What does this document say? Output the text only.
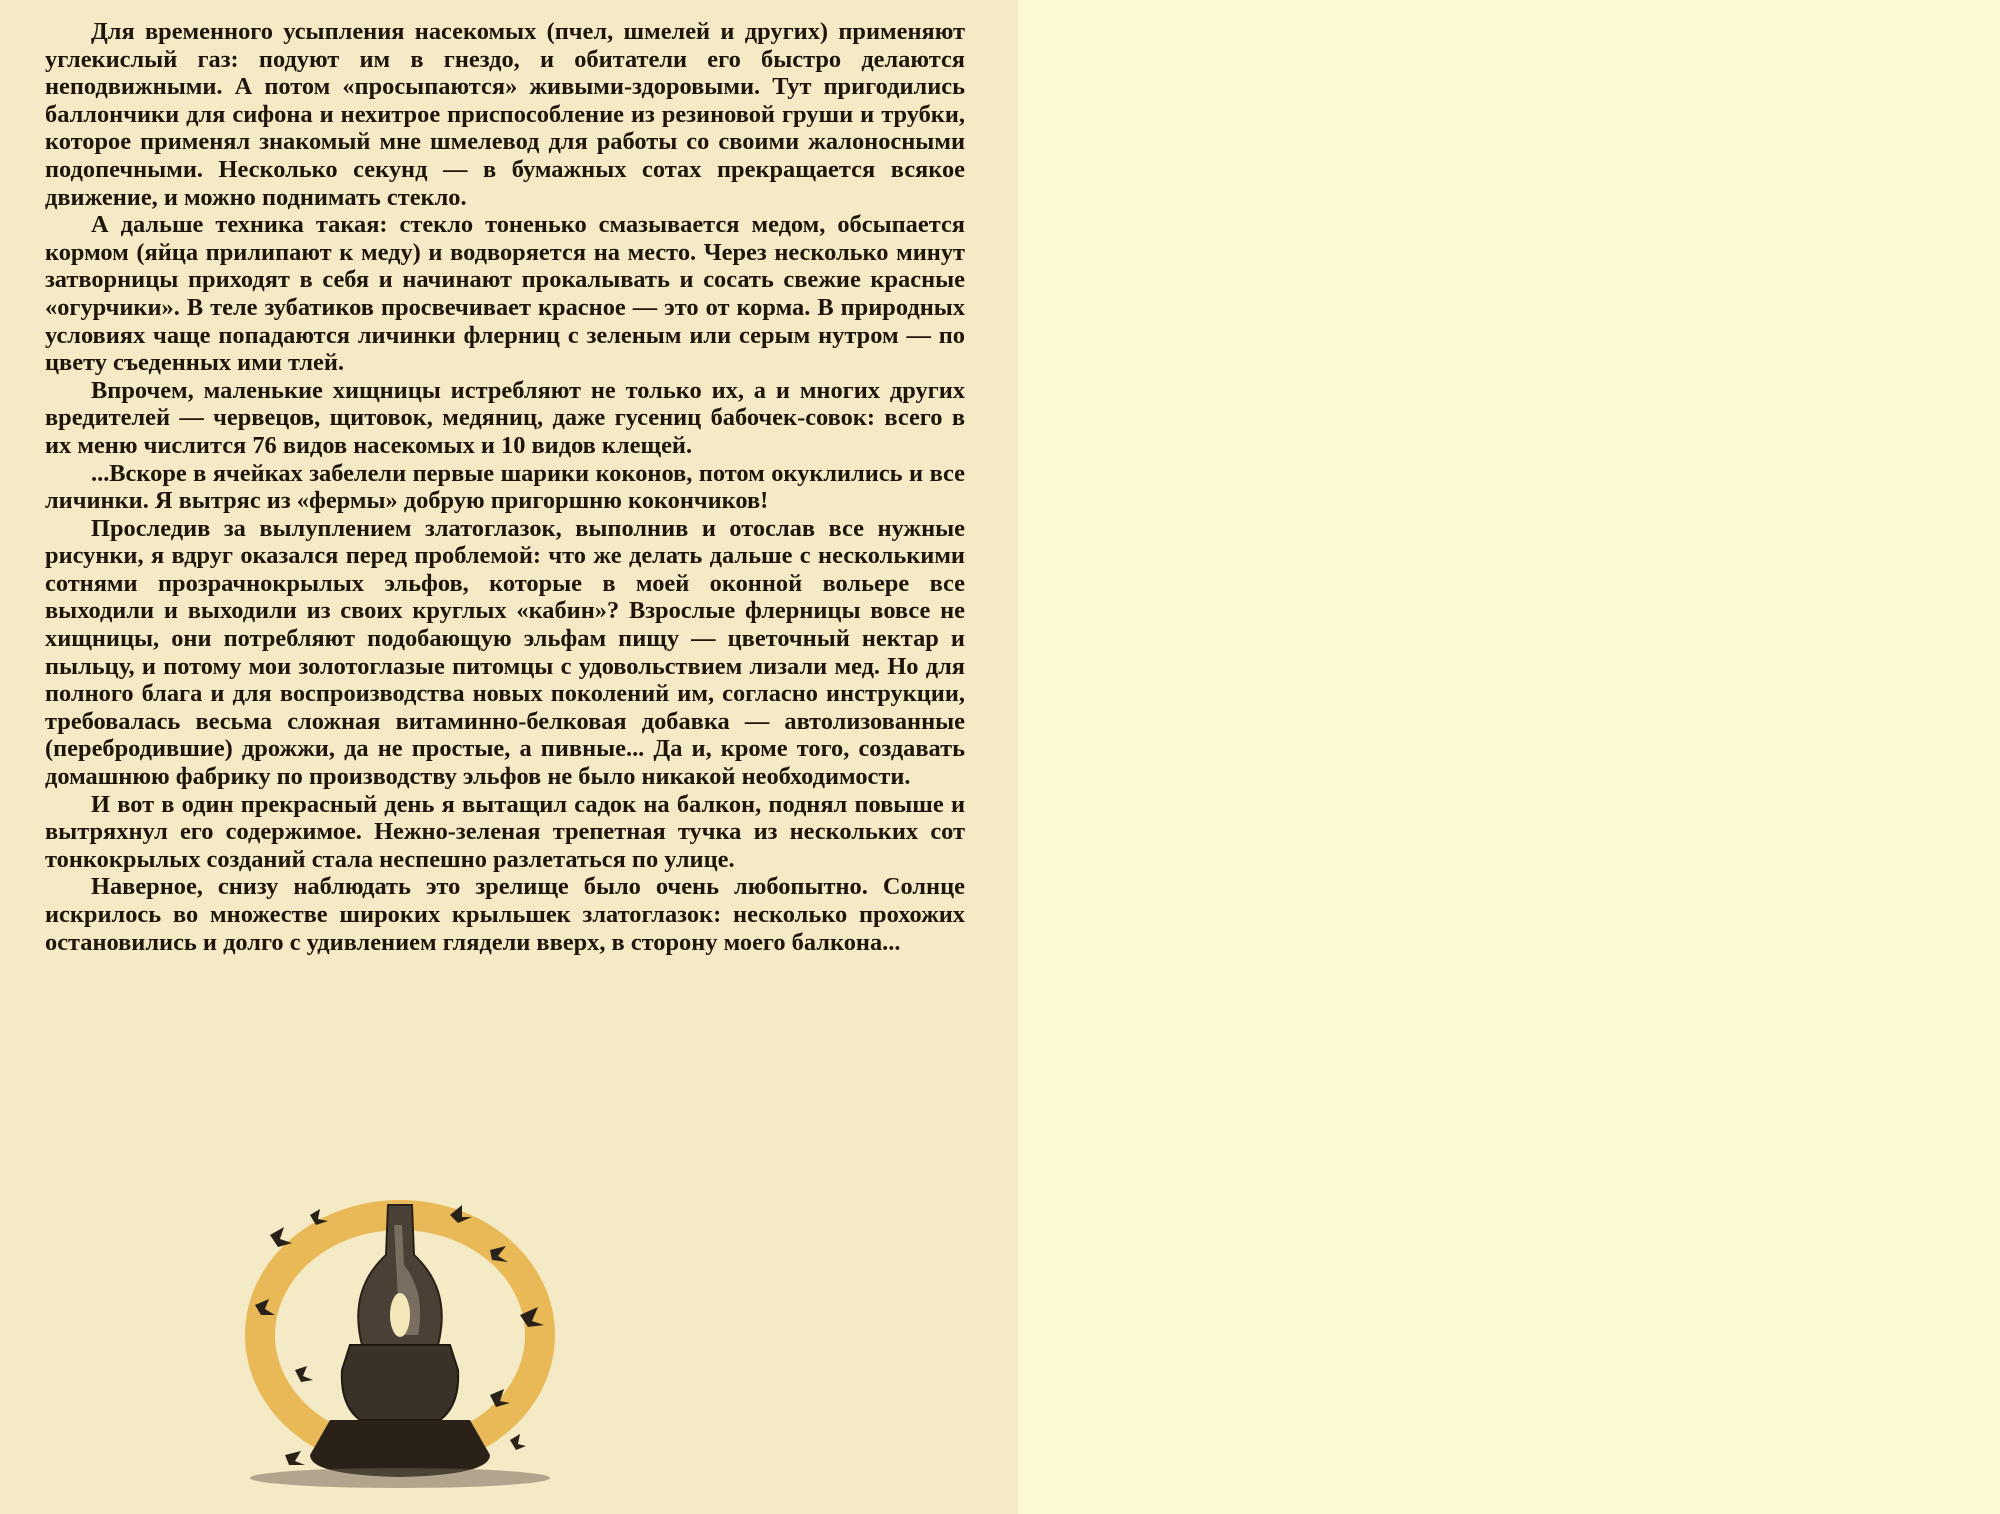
Для временного усыпления насекомых (пчел, шмелей и других) применяют углекислый газ: подуют им в гнездо, и обитатели его быстро делаются неподвижными. А потом «просыпаются» живыми-здоровыми. Тут пригодились баллончики для сифона и нехитрое приспособление из резиновой груши и трубки, которое применял знакомый мне шмелевод для работы со своими жалоносными подопечными. Несколько секунд — в бумажных сотах прекращается всякое движение, и можно поднимать стекло.

А дальше техника такая: стекло тоненько смазывается медом, обсыпается кормом (яйца прилипают к меду) и водворяется на место. Через несколько минут затворницы приходят в себя и начинают прокалывать и сосать свежие красные «огурчики». В теле зубатиков просвечивает красное — это от корма. В природных условиях чаще попадаются личинки флерниц с зеленым или серым нутром — по цвету съеденных ими тлей.

Впрочем, маленькие хищницы истребляют не только их, а и многих других вредителей — червецов, щитовок, медяниц, даже гусениц бабочек-совок: всего в их меню числится 76 видов насекомых и 10 видов клещей.

...Вскоре в ячейках забелели первые шарики коконов, потом окуклились и все личинки. Я вытряс из «фермы» добрую пригоршню кокончиков!

Проследив за вылуплением златоглазок, выполнив и отослав все нужные рисунки, я вдруг оказался перед проблемой: что же делать дальше с несколькими сотнями прозрачнокрылых эльфов, которые в моей оконной вольере все выходили и выходили из своих круглых «кабин»? Взрослые флерницы вовсе не хищницы, они потребляют подобающую эльфам пищу — цветочный нектар и пыльцу, и потому мои золотоглазые питомцы с удовольствием лизали мед. Но для полного блага и для воспроизводства новых поколений им, согласно инструкции, требовалась весьма сложная витаминно-белковая добавка — автолизованные (перебродившие) дрожжи, да не простые, а пивные... Да и, кроме того, создавать домашнюю фабрику по производству эльфов не было никакой необходимости.

И вот в один прекрасный день я вытащил садок на балкон, поднял повыше и вытряхнул его содержимое. Нежно-зеленая трепетная тучка из нескольких сот тонкокрылых созданий стала неспешно разлетаться по улице.

Наверное, снизу наблюдать это зрелище было очень любопытно. Солнце искрилось во множестве широких крыльшек златоглазок: несколько прохожих остановились и долго с удивлением глядели вверх, в сторону моего балкона...
